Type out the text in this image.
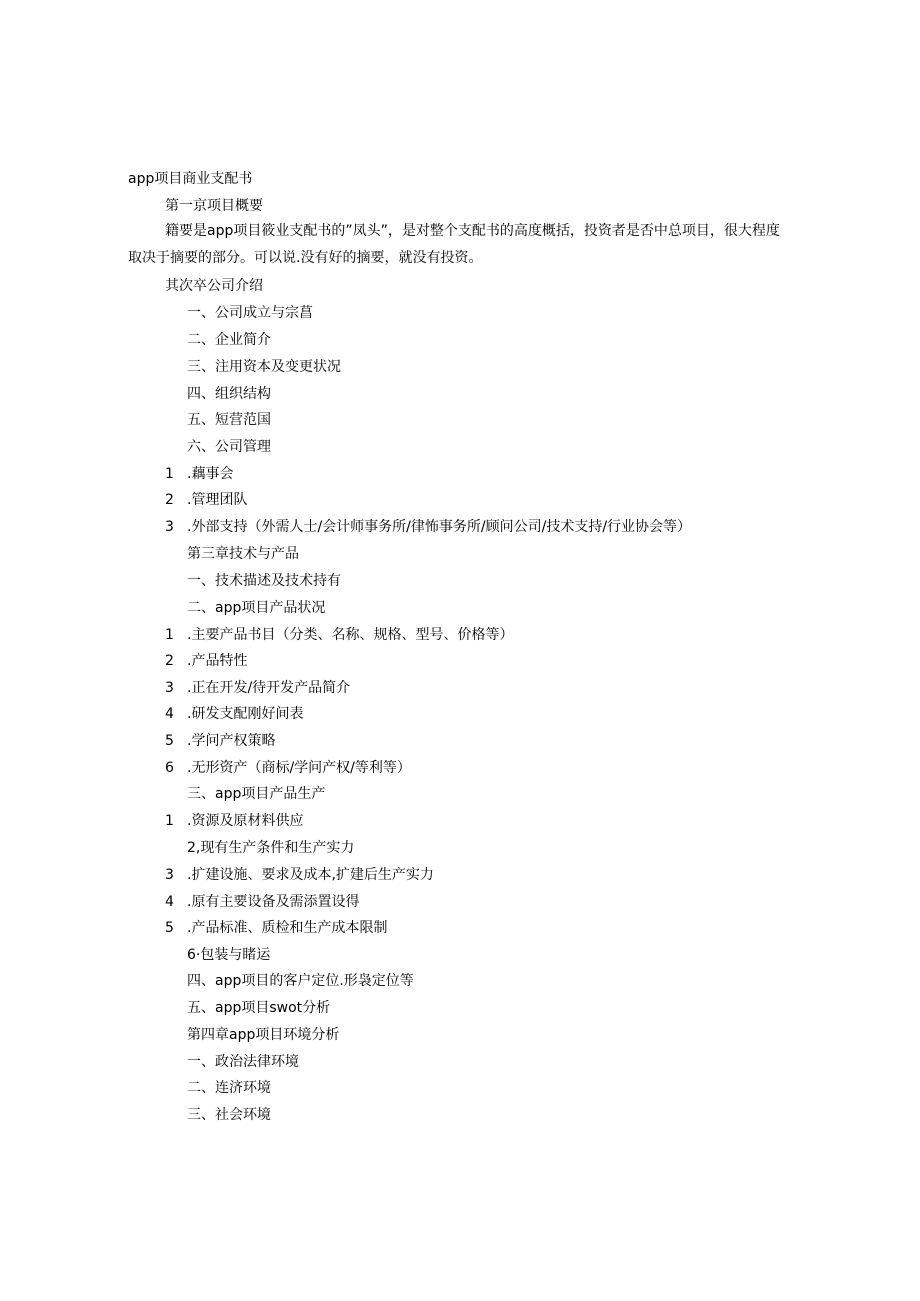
app项目商业支配书
第一京项目概要
籍要是app项目筱业支配书的”凤头”，是对整个支配书的高度概括，投资者是否中总项目，很大程度取决于摘要的部分。可以说.没有好的摘要，就没有投资。
其次卒公司介绍
一、公司成立与宗菖
二、企业简介
三、注用资本及变更状况
四、组织结构
五、短营范国
六、公司管理
1 .藕事会
2 .管理团队
3 .外部支持（外需人士/会计师事务所/律怖事务所/顾问公司/技术支持/行业协会等）
第三章技术与产品
一、技术描述及技术持有
二、app项目产品状况
1 .主要产品书目（分类、名称、规格、型号、价格等）
2 .产品特性
3 .正在开发/待开发产品简介
4 .研发支配刚好间表
5 .学问产权策略
6 .无形资产（商标/学问产权/等利等）
三、app项目产品生产
1 .资源及原材料供应
2,现有生产条件和生产实力
3 .扩建设施、要求及成本,扩建后生产实力
4 .原有主要设备及需添置设得
5 .产品标准、质检和生产成本限制
6·包装与睹运
四、app项目的客户定位.形袅定位等
五、app项目swot分析
第四章app项目环境分析
一、政治法律环境
二、连济环境
三、社会环境
